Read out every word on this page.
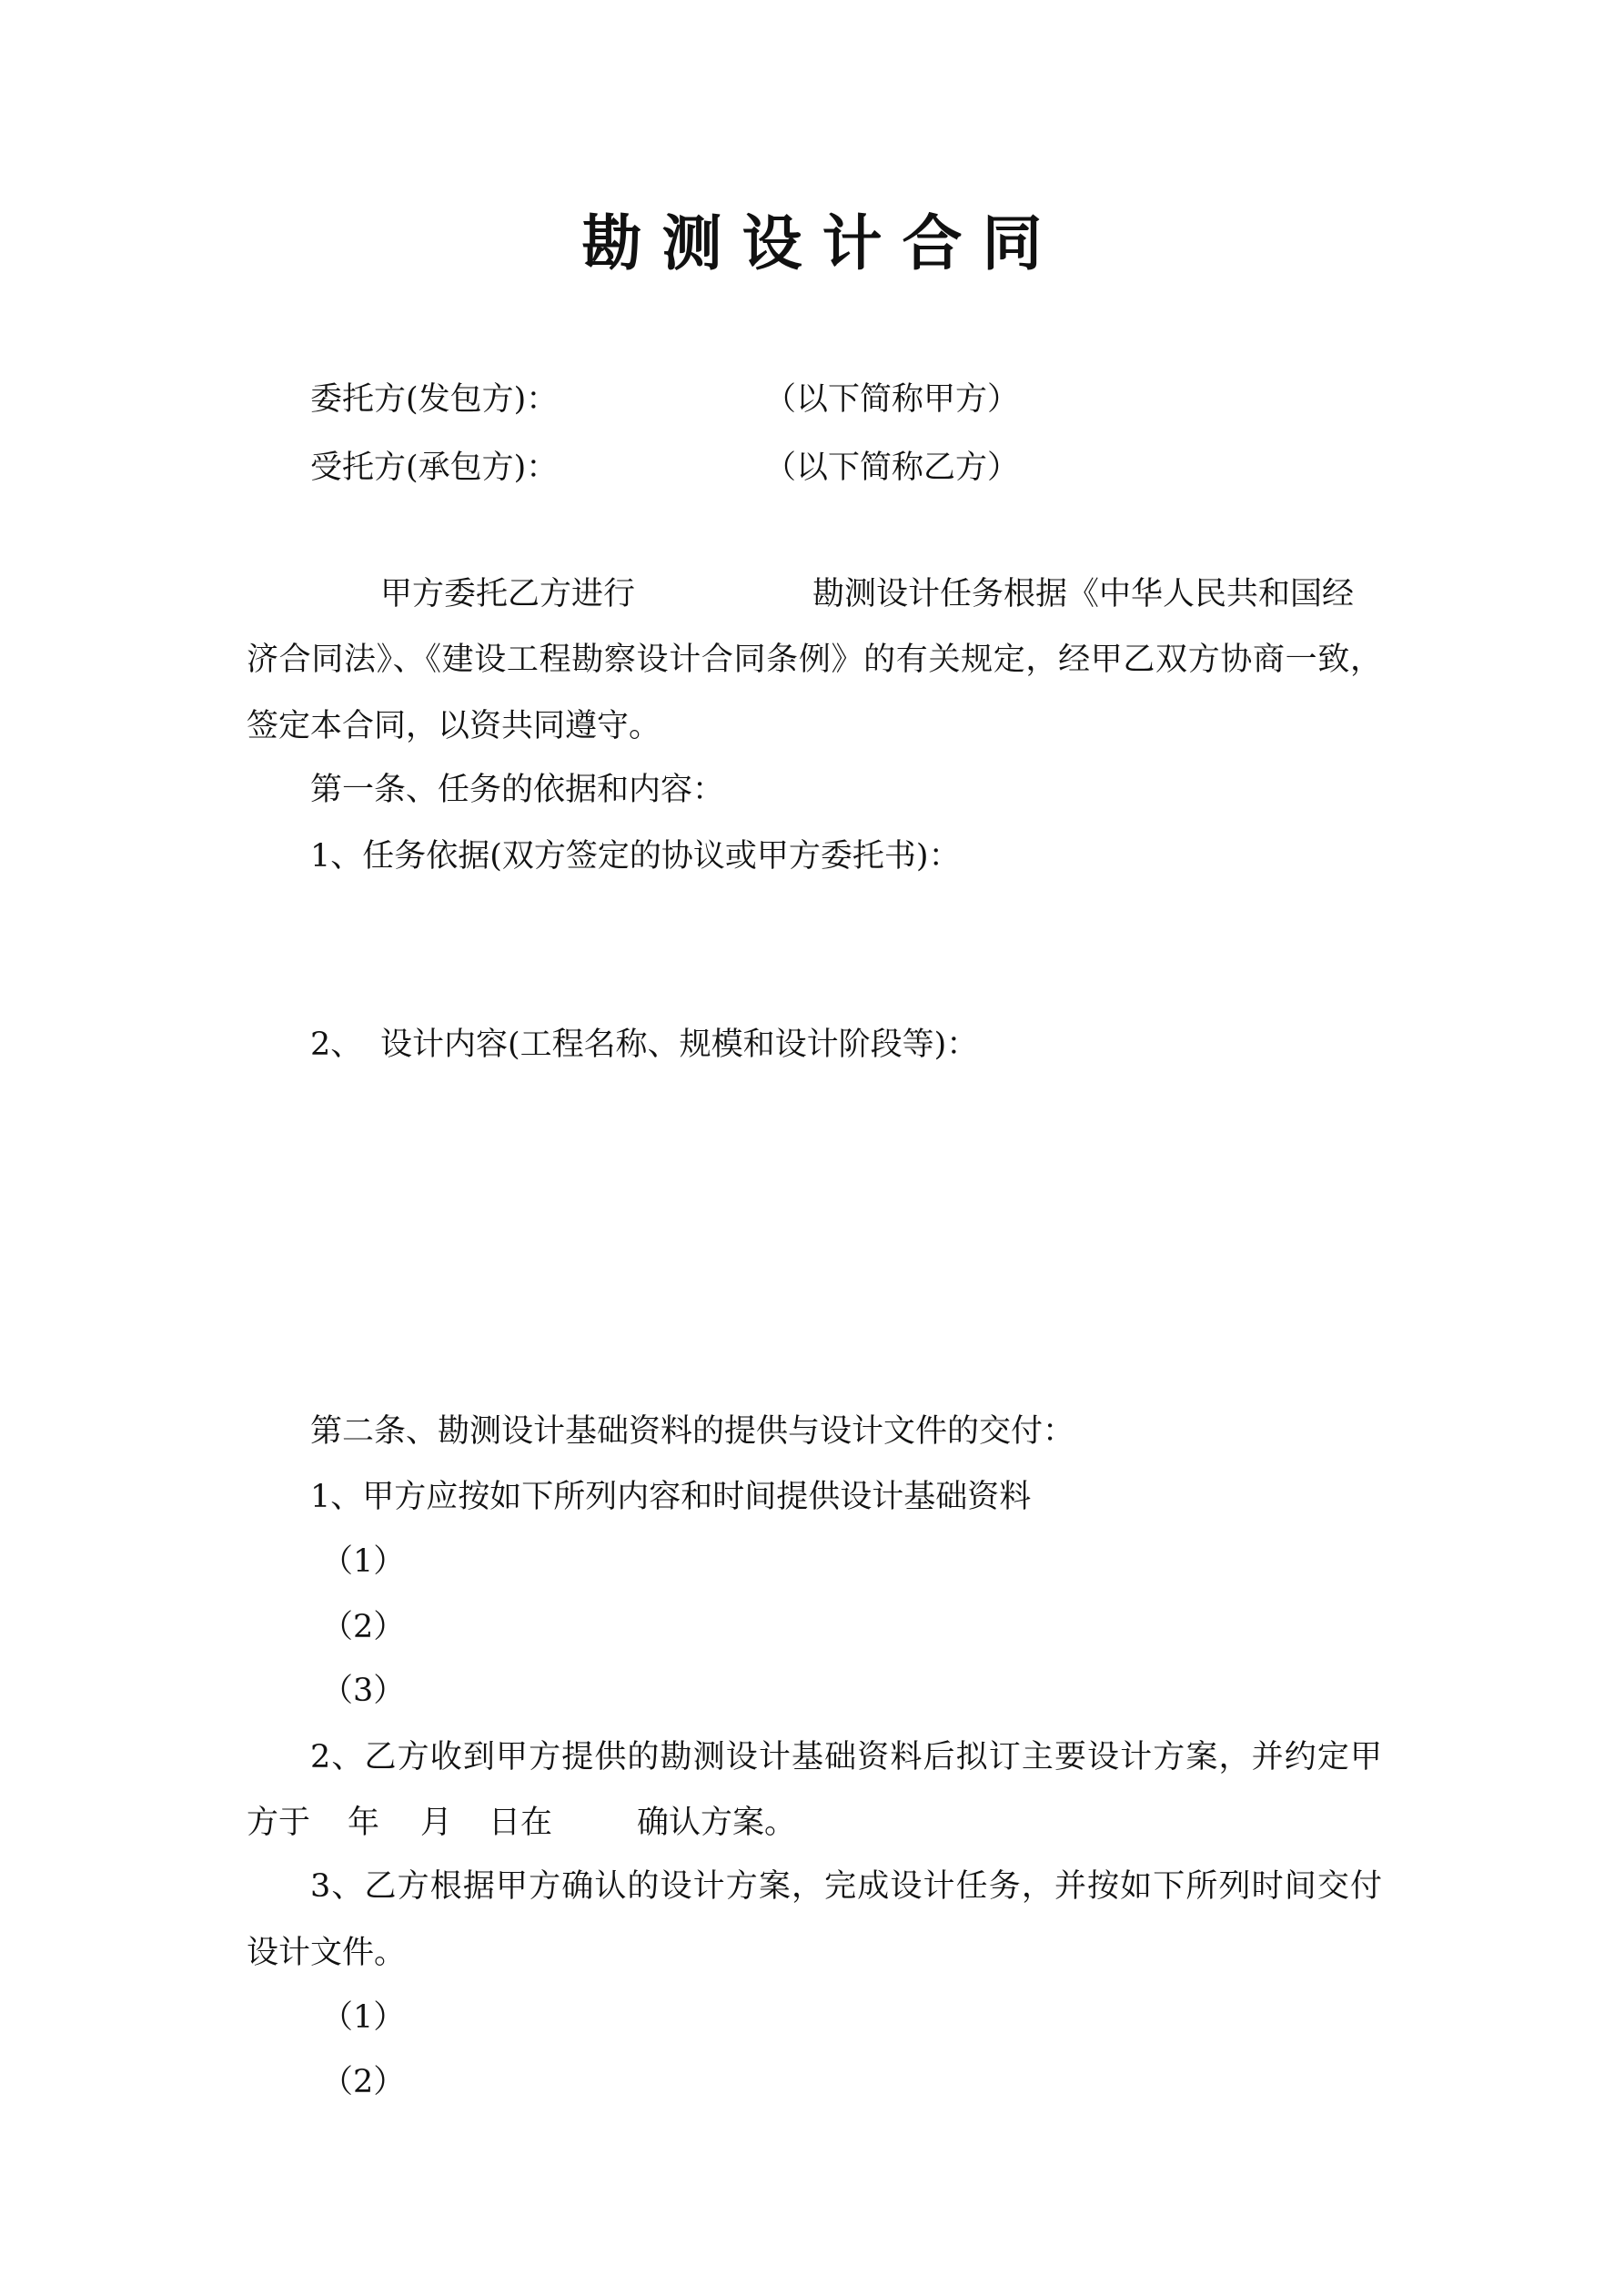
勘测设计合同
委托方(发包方)：	（以下简称甲方）
受托方(承包方)：	（以下简称乙方）
甲方委托乙方进行	勘测设计任务根据《中华人民共和国经
济合同法》、《建设工程勘察设计合同条例》的有关规定，经甲乙双方协商一致，
签定本合同，以资共同遵守。
第一条、任务的依据和内容：
1、任务依据(双方签定的协议或甲方委托书)：
2、 设计内容(工程名称、规模和设计阶段等)：
第二条、勘测设计基础资料的提供与设计文件的交付：
1、甲方应按如下所列内容和时间提供设计基础资料
（1）
（2）
（3）
2、乙方收到甲方提供的勘测设计基础资料后拟订主要设计方案，并约定甲
方于 年 月 日在	确认方案。
3、乙方根据甲方确认的设计方案，完成设计任务，并按如下所列时间交付
设计文件。
（1）
（2）
